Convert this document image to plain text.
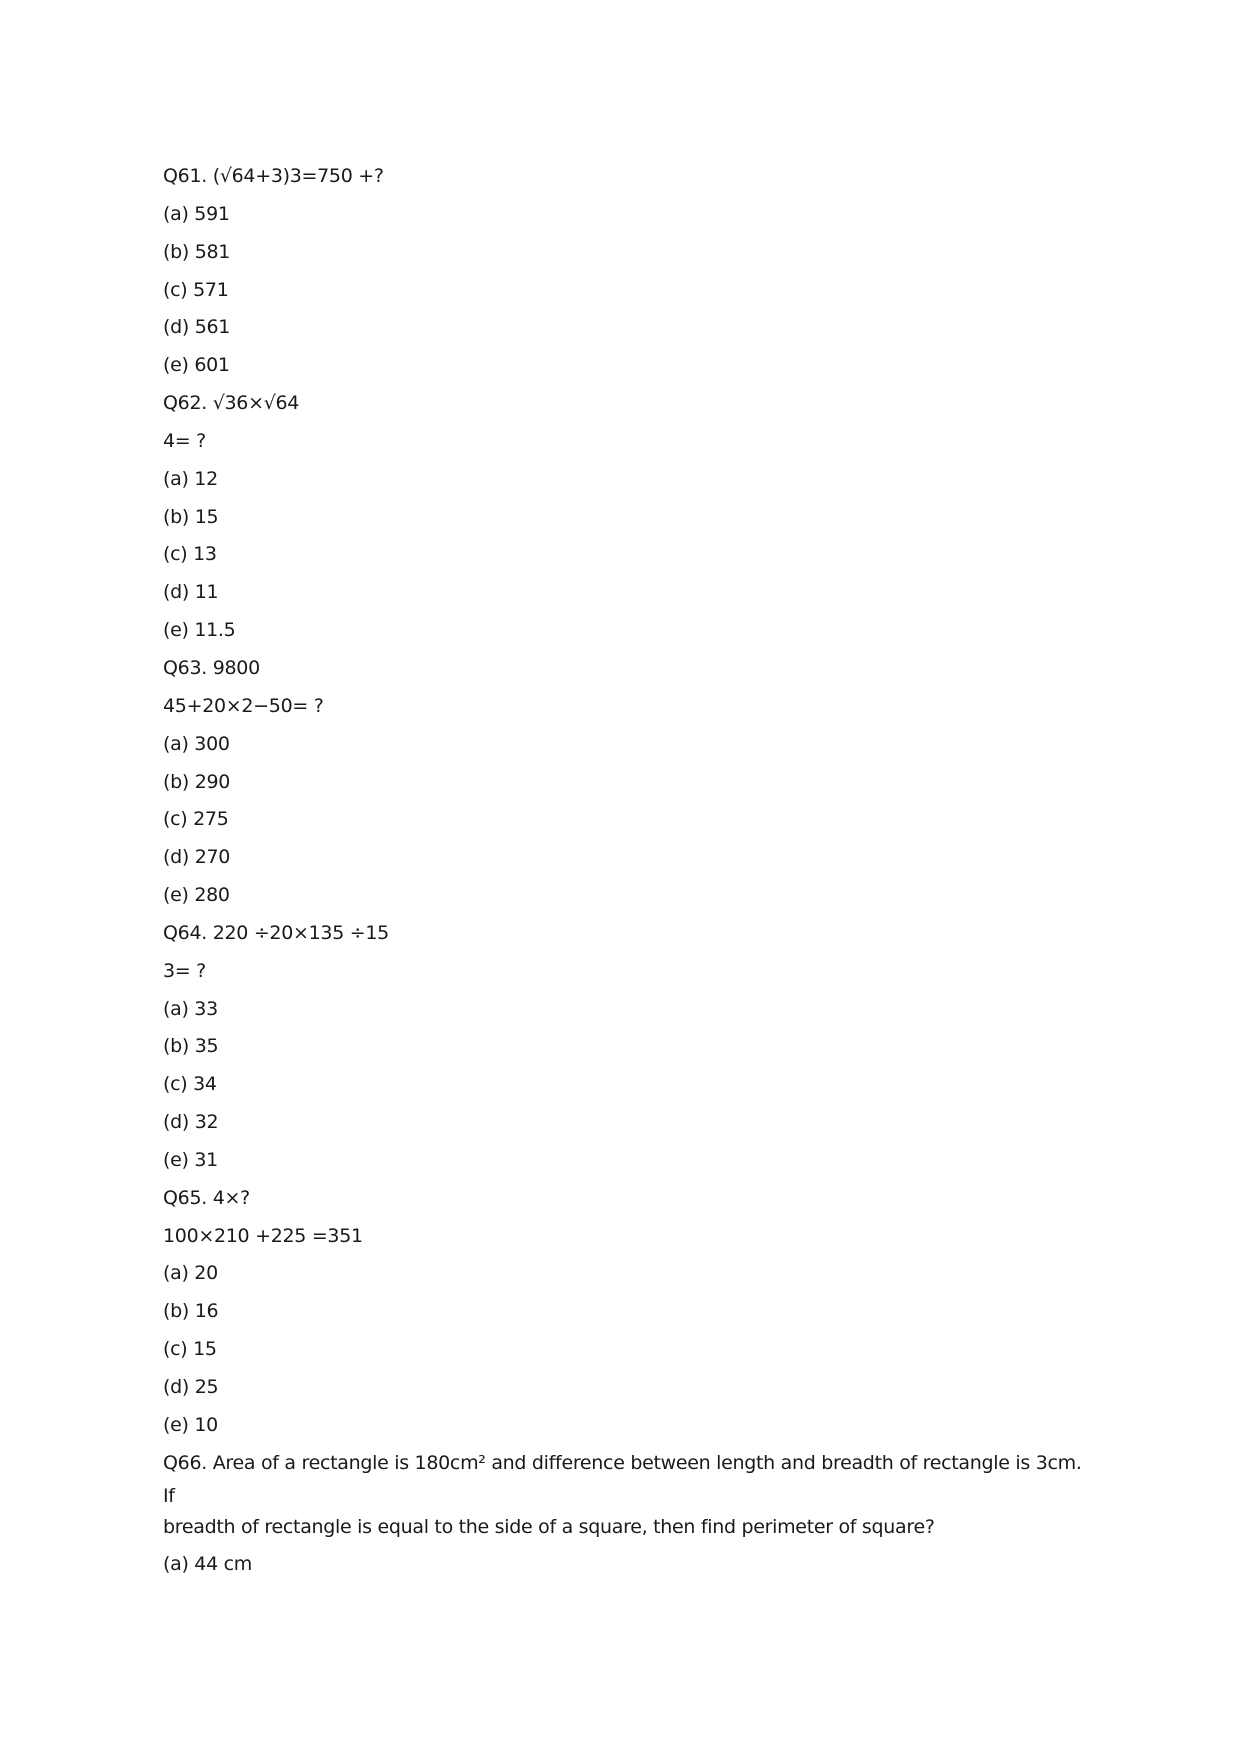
Q61. (√64+3)3=750 +?
(a) 591
(b) 581
(c) 571
(d) 561
(e) 601
Q62. √36×√64
4= ?
(a) 12
(b) 15
(c) 13
(d) 11
(e) 11.5
Q63. 9800
45+20×2−50= ?
(a) 300
(b) 290
(c) 275
(d) 270
(e) 280
Q64. 220 ÷20×135 ÷15
3= ?
(a) 33
(b) 35
(c) 34
(d) 32
(e) 31
Q65. 4×?
100×210 +225 =351
(a) 20
(b) 16
(c) 15
(d) 25
(e) 10
Q66. Area of a rectangle is 180cm² and difference between length and breadth of rectangle is 3cm.
If
breadth of rectangle is equal to the side of a square, then find perimeter of square?
(a) 44 cm
